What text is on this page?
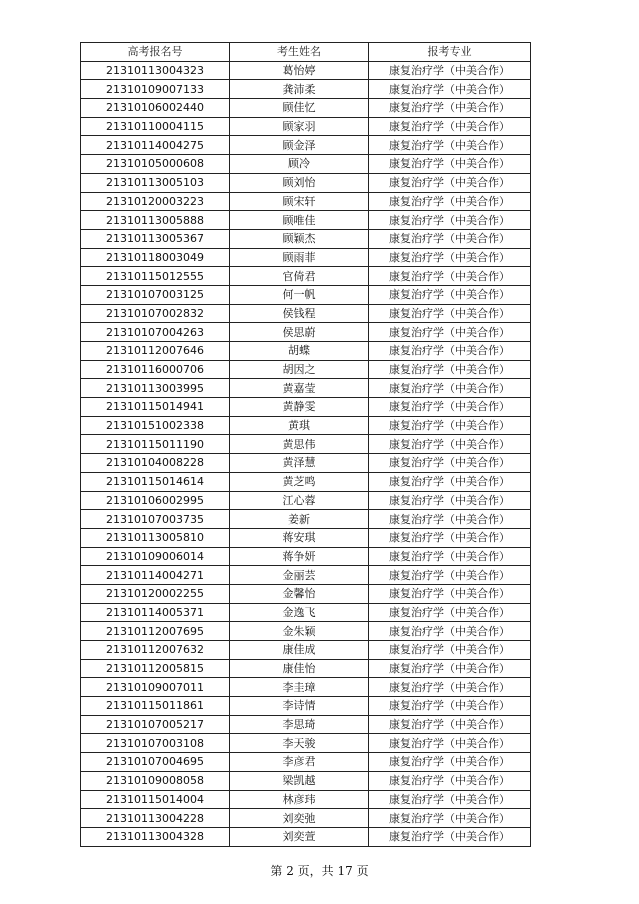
高考报名号	考生姓名	报考专业
21310113004323	葛怡婷	康复治疗学（中美合作）
21310109007133	龚沛柔	康复治疗学（中美合作）
21310106002440	顾佳忆	康复治疗学（中美合作）
21310110004115	顾家羽	康复治疗学（中美合作）
21310114004275	顾金泽	康复治疗学（中美合作）
21310105000608	顾冷	康复治疗学（中美合作）
21310113005103	顾刘怡	康复治疗学（中美合作）
21310120003223	顾宋轩	康复治疗学（中美合作）
21310113005888	顾唯佳	康复治疗学（中美合作）
21310113005367	顾颖杰	康复治疗学（中美合作）
21310118003049	顾雨菲	康复治疗学（中美合作）
21310115012555	官倚君	康复治疗学（中美合作）
21310107003125	何一帆	康复治疗学（中美合作）
21310107002832	侯钱程	康复治疗学（中美合作）
21310107004263	侯思蔚	康复治疗学（中美合作）
21310112007646	胡蝶	康复治疗学（中美合作）
21310116000706	胡因之	康复治疗学（中美合作）
21310113003995	黄嘉莹	康复治疗学（中美合作）
21310115014941	黄静雯	康复治疗学（中美合作）
21310151002338	黄琪	康复治疗学（中美合作）
21310115011190	黄思伟	康复治疗学（中美合作）
21310104008228	黄泽慧	康复治疗学（中美合作）
21310115014614	黄芝鸣	康复治疗学（中美合作）
21310106002995	江心蓉	康复治疗学（中美合作）
21310107003735	姜新	康复治疗学（中美合作）
21310113005810	蒋安琪	康复治疗学（中美合作）
21310109006014	蒋争妍	康复治疗学（中美合作）
21310114004271	金丽芸	康复治疗学（中美合作）
21310120002255	金馨怡	康复治疗学（中美合作）
21310114005371	金逸飞	康复治疗学（中美合作）
21310112007695	金朱颖	康复治疗学（中美合作）
21310112007632	康佳成	康复治疗学（中美合作）
21310112005815	康佳怡	康复治疗学（中美合作）
21310109007011	李圭璋	康复治疗学（中美合作）
21310115011861	李诗情	康复治疗学（中美合作）
21310107005217	李思琦	康复治疗学（中美合作）
21310107003108	李天骏	康复治疗学（中美合作）
21310107004695	李彦君	康复治疗学（中美合作）
21310109008058	梁凯越	康复治疗学（中美合作）
21310115014004	林彦玮	康复治疗学（中美合作）
21310113004228	刘奕弛	康复治疗学（中美合作）
21310113004328	刘奕萱	康复治疗学（中美合作）
第 2 页，共 17 页
